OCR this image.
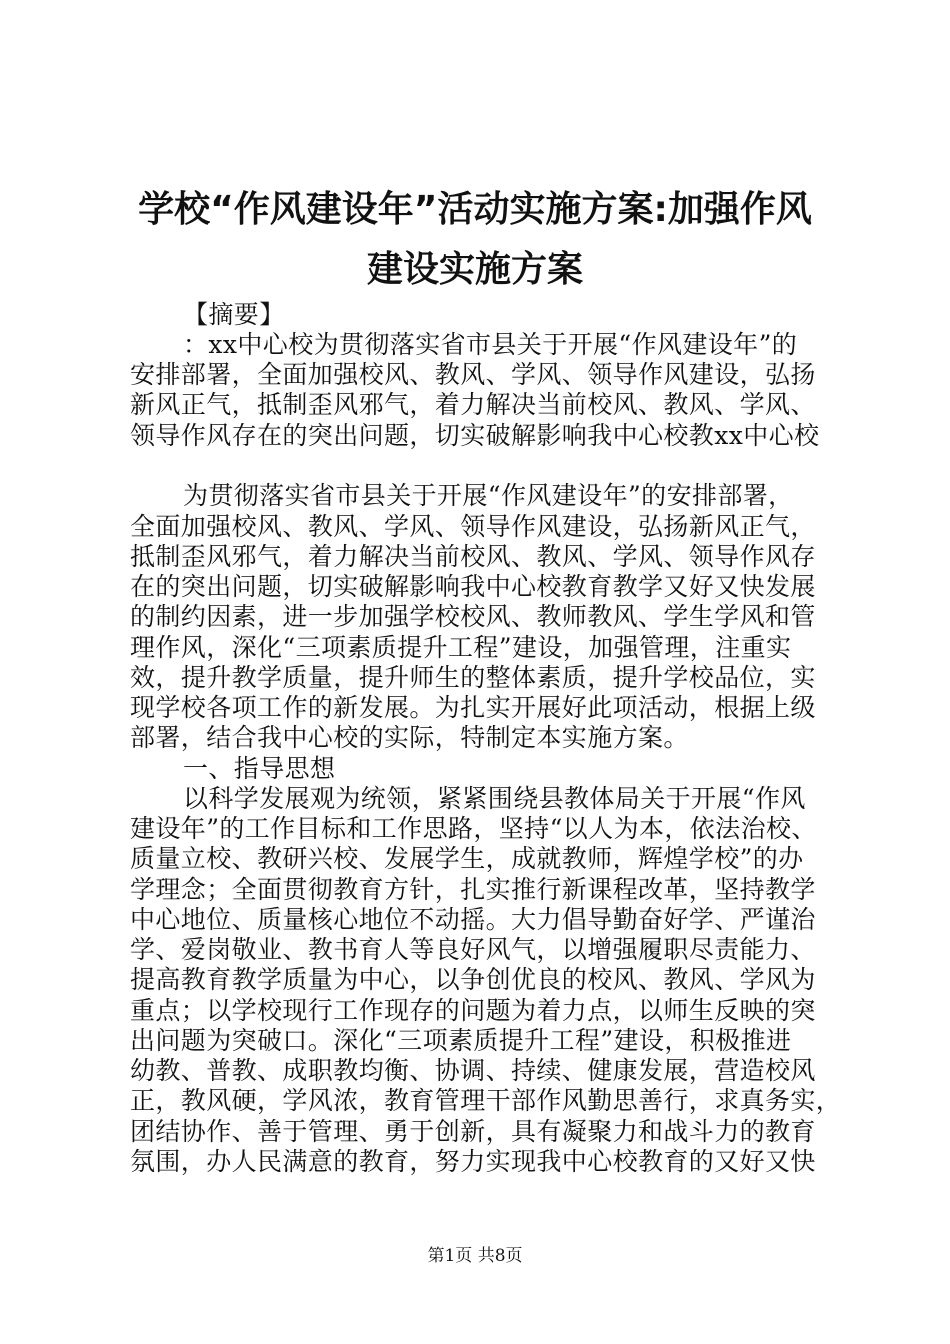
学校“作风建设年”活动实施方案:加强作风
建设实施方案
【摘要】
：xx中心校为贯彻落实省市县关于开展“作风建设年”的
安排部署，全面加强校风、教风、学风、领导作风建设，弘扬
新风正气，抵制歪风邪气，着力解决当前校风、教风、学风、
领导作风存在的突出问题，切实破解影响我中心校教xx中心校
为贯彻落实省市县关于开展“作风建设年”的安排部署，
全面加强校风、教风、学风、领导作风建设，弘扬新风正气，
抵制歪风邪气，着力解决当前校风、教风、学风、领导作风存
在的突出问题，切实破解影响我中心校教育教学又好又快发展
的制约因素，进一步加强学校校风、教师教风、学生学风和管
理作风，深化“三项素质提升工程”建设，加强管理，注重实
效，提升教学质量，提升师生的整体素质，提升学校品位，实
现学校各项工作的新发展。为扎实开展好此项活动，根据上级
部署，结合我中心校的实际，特制定本实施方案。
一、指导思想
以科学发展观为统领，紧紧围绕县教体局关于开展“作风
建设年”的工作目标和工作思路，坚持“以人为本，依法治校、
质量立校、教研兴校、发展学生，成就教师，辉煌学校”的办
学理念；全面贯彻教育方针，扎实推行新课程改革，坚持教学
中心地位、质量核心地位不动摇。大力倡导勤奋好学、严谨治
学、爱岗敬业、教书育人等良好风气，以增强履职尽责能力、
提高教育教学质量为中心，以争创优良的校风、教风、学风为
重点；以学校现行工作现存的问题为着力点，以师生反映的突
出问题为突破口。深化“三项素质提升工程”建设，积极推进
幼教、普教、成职教均衡、协调、持续、健康发展，营造校风
正，教风硬，学风浓，教育管理干部作风勤思善行，求真务实，
团结协作、善于管理、勇于创新，具有凝聚力和战斗力的教育
氛围，办人民满意的教育，努力实现我中心校教育的又好又快
第1页 共8页
